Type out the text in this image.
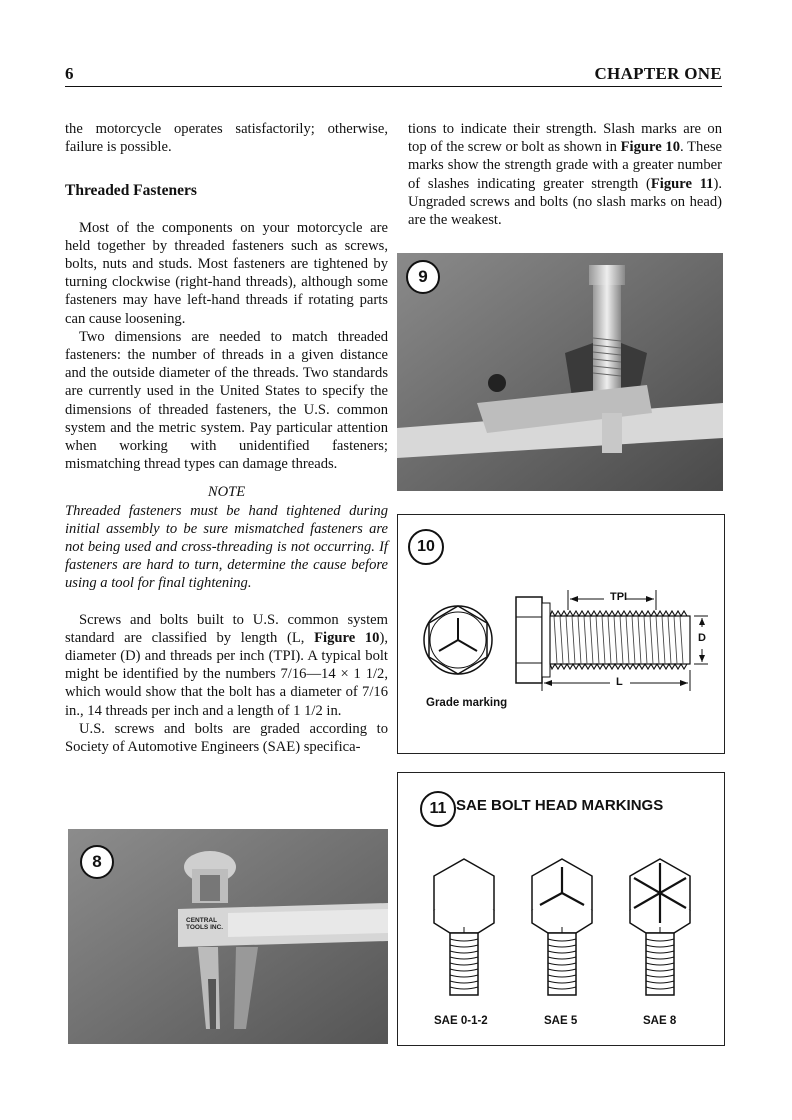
6	CHAPTER ONE

the motorcycle operates satisfactorily; otherwise, failure is possible.

Threaded Fasteners

Most of the components on your motorcycle are held together by threaded fasteners such as screws, bolts, nuts and studs. Most fasteners are tightened by turning clockwise (right-hand threads), although some fasteners may have left-hand threads if rotating parts can cause loosening.

Two dimensions are needed to match threaded fasteners: the number of threads in a given distance and the outside diameter of the threads. Two standards are currently used in the United States to specify the dimensions of threaded fasteners, the U.S. common system and the metric system. Pay particular attention when working with unidentified fasteners; mismatching thread types can damage threads.

NOTE

Threaded fasteners must be hand tightened during initial assembly to be sure mismatched fasteners are not being used and cross-threading is not occurring. If fasteners are hard to turn, determine the cause before using a tool for final tightening.

Screws and bolts built to U.S. common system standard are classified by length (L, Figure 10), diameter (D) and threads per inch (TPI). A typical bolt might be identified by the numbers 7/16—14 × 1 1/2, which would show that the bolt has a diameter of 7/16 in., 14 threads per inch and a length of 1 1/2 in.

U.S. screws and bolts are graded according to Society of Automotive Engineers (SAE) specifica-

tions to indicate their strength. Slash marks are on top of the screw or bolt as shown in Figure 10. These marks show the strength grade with a greater number of slashes indicating greater strength (Figure 11). Ungraded screws and bolts (no slash marks on head) are the weakest.

9
10
TPI
D
L
Grade marking
11 SAE BOLT HEAD MARKINGS
SAE 0-1-2	SAE 5	SAE 8
CENTRAL TOOLS INC.
8
